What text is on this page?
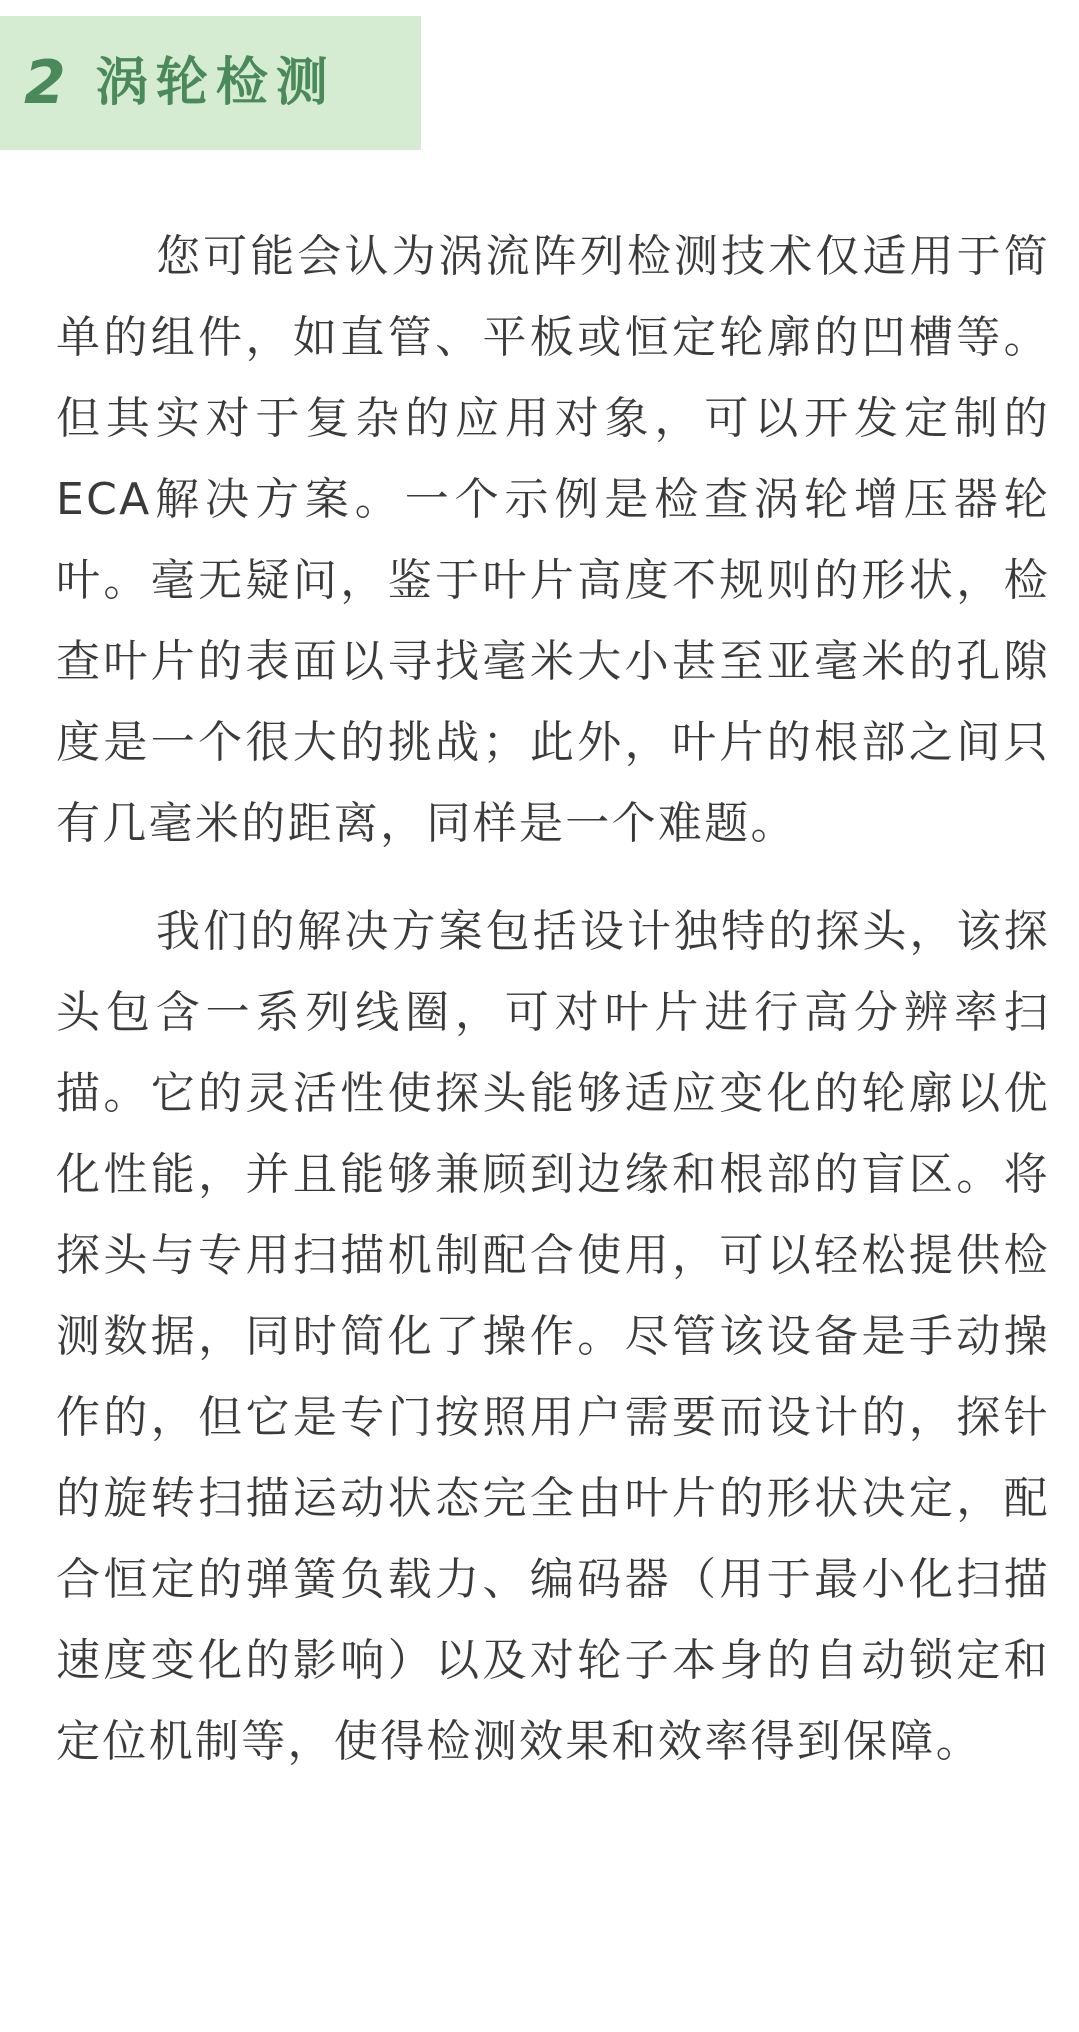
2 涡轮检测

您可能会认为涡流阵列检测技术仅适用于简单的组件，如直管、平板或恒定轮廓的凹槽等。但其实对于复杂的应用对象，可以开发定制的ECA解决方案。一个示例是检查涡轮增压器轮叶。毫无疑问，鉴于叶片高度不规则的形状，检查叶片的表面以寻找毫米大小甚至亚毫米的孔隙度是一个很大的挑战；此外，叶片的根部之间只有几毫米的距离，同样是一个难题。

我们的解决方案包括设计独特的探头，该探头包含一系列线圈，可对叶片进行高分辨率扫描。它的灵活性使探头能够适应变化的轮廓以优化性能，并且能够兼顾到边缘和根部的盲区。将探头与专用扫描机制配合使用，可以轻松提供检测数据，同时简化了操作。尽管该设备是手动操作的，但它是专门按照用户需要而设计的，探针的旋转扫描运动状态完全由叶片的形状决定，配合恒定的弹簧负载力、编码器（用于最小化扫描速度变化的影响）以及对轮子本身的自动锁定和定位机制等，使得检测效果和效率得到保障。
